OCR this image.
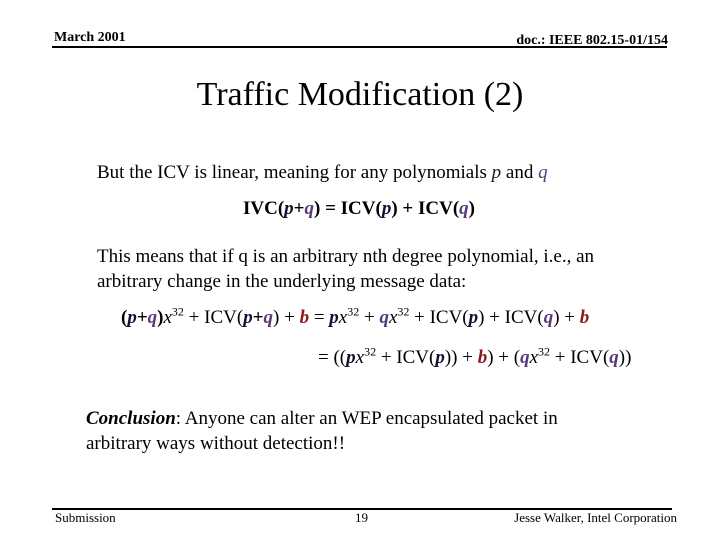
March 2001	doc.: IEEE 802.15-01/154
Traffic Modification (2)
But the ICV is linear, meaning for any polynomials p and q
IVC(p+q) = ICV(p) + ICV(q)
This means that if q is an arbitrary nth degree polynomial, i.e., an
arbitrary change in the underlying message data:
$(p+q)x^{32} + ICV(p+q) + b = px^{32} + qx^{32} + ICV(p) + ICV(q) + b$
= $((px^{32} + ICV(p)) + b) + (qx^{32} + ICV(q))$
Conclusion: Anyone can alter an WEP encapsulated packet in
arbitrary ways without detection!!
Submission	19	Jesse Walker, Intel Corporation
